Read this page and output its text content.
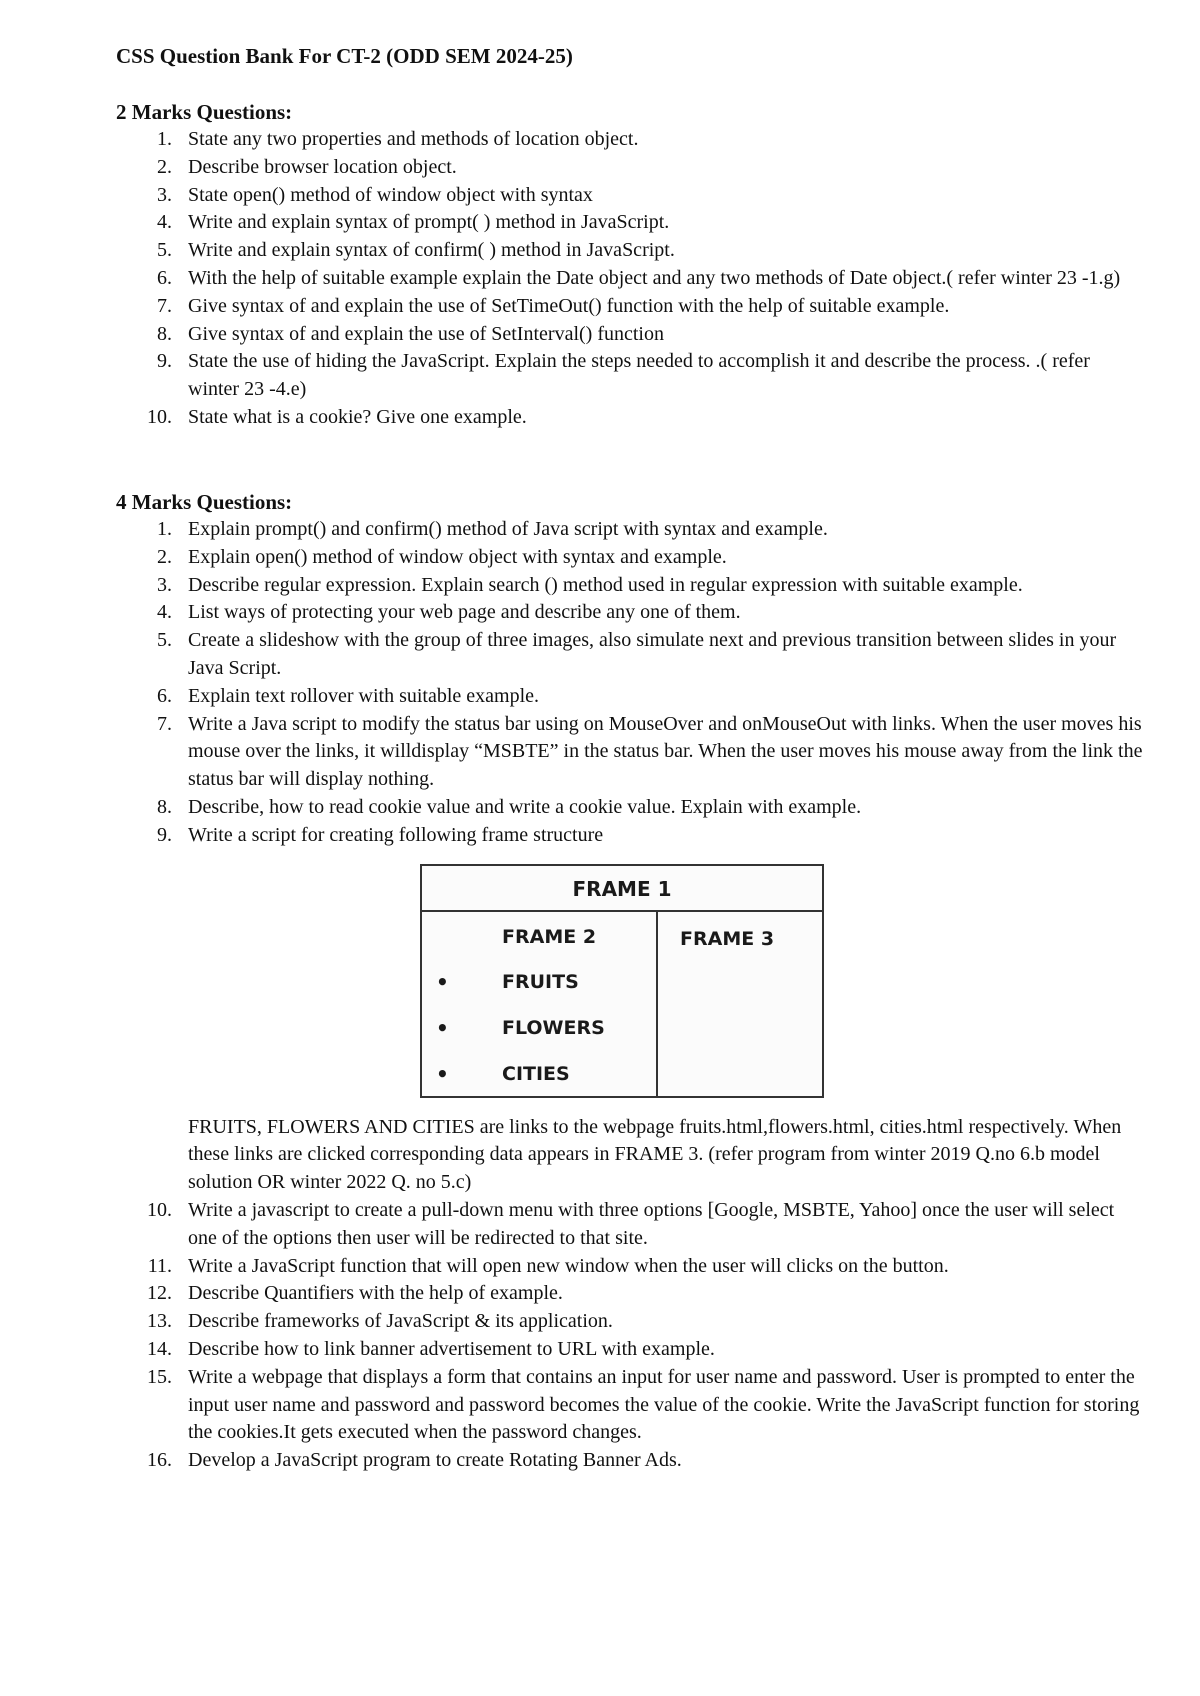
CSS Question Bank For CT-2 (ODD SEM 2024-25)
2 Marks Questions:
1. State any two properties and methods of location object.
2. Describe browser location object.
3. State open() method of window object with syntax
4. Write and explain syntax of prompt( ) method in JavaScript.
5. Write and explain syntax of confirm( ) method in JavaScript.
6. With the help of suitable example explain the Date object and any two methods of Date object.( refer winter 23 -1.g)
7. Give syntax of and explain the use of SetTimeOut() function with the help of suitable example.
8. Give syntax of and explain the use of SetInterval() function
9. State the use of hiding the JavaScript. Explain the steps needed to accomplish it and describe the process. .( refer winter 23 -4.e)
10. State what is a cookie? Give one example.
4 Marks Questions:
1. Explain prompt() and confirm() method of Java script with syntax and example.
2. Explain open() method of window object with syntax and example.
3. Describe regular expression. Explain search () method used in regular expression with suitable example.
4. List ways of protecting your web page and describe any one of them.
5. Create a slideshow with the group of three images, also simulate next and previous transition between slides in your Java Script.
6. Explain text rollover with suitable example.
7. Write a Java script to modify the status bar using on MouseOver and onMouseOut with links. When the user moves his mouse over the links, it willdisplay “MSBTE” in the status bar. When the user moves his mouse away from the link the status bar will display nothing.
8. Describe, how to read cookie value and write a cookie value. Explain with example.
9. Write a script for creating following frame structure
FRAME 1
FRAME 2
•	FRUITS
•	FLOWERS
•	CITIES
FRAME 3
FRUITS, FLOWERS AND CITIES are links to the webpage fruits.html,flowers.html, cities.html respectively. When these links are clicked corresponding data appears in FRAME 3. (refer program from winter 2019 Q.no 6.b model solution OR winter 2022 Q. no 5.c)
10. Write a javascript to create a pull-down menu with three options [Google, MSBTE, Yahoo] once the user will select one of the options then user will be redirected to that site.
11. Write a JavaScript function that will open new window when the user will clicks on the button.
12. Describe Quantifiers with the help of example.
13. Describe frameworks of JavaScript & its application.
14. Describe how to link banner advertisement to URL with example.
15. Write a webpage that displays a form that contains an input for user name and password. User is prompted to enter the input user name and password and password becomes the value of the cookie. Write the JavaScript function for storing the cookies.It gets executed when the password changes.
16. Develop a JavaScript program to create Rotating Banner Ads.
